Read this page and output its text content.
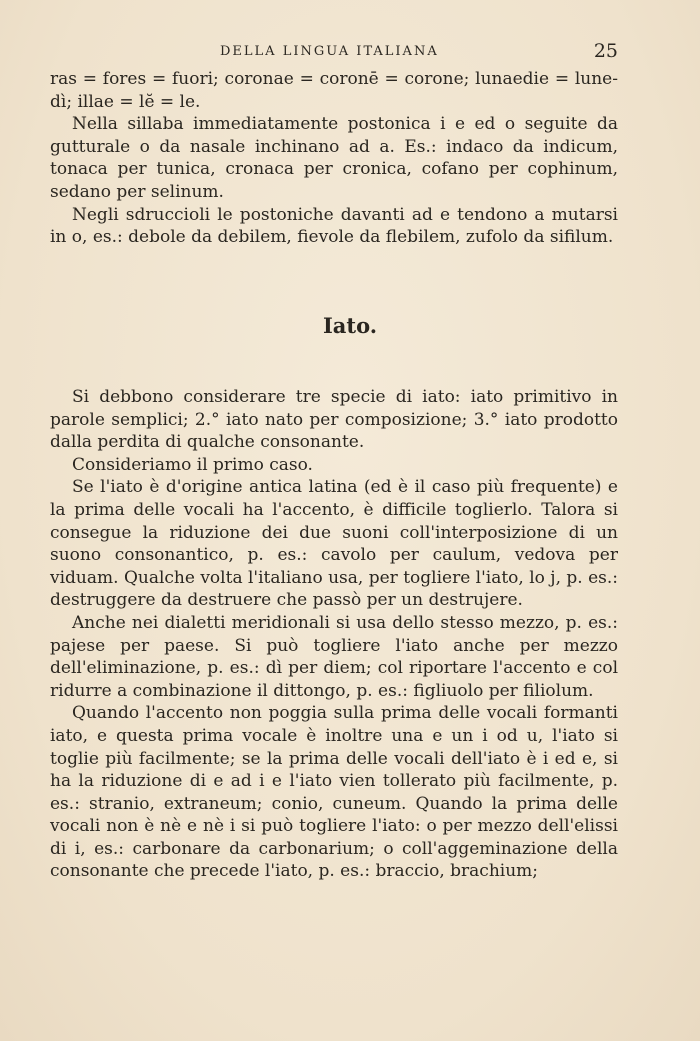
DELLA LINGUA ITALIANA	25

ras = fores = fuori; coronae = coronē = corone; lunaedie = lune-dì; illae = lĕ = le.

Nella sillaba immediatamente postonica i e ed o seguite da gutturale o da nasale inchinano ad a. Es.: indaco da indicum, tonaca per tunica, cronaca per cronica, cofano per cophinum, sedano per selinum.

Negli sdruccioli le postoniche davanti ad e tendono a mutarsi in o, es.: debole da debilem, fievole da flebilem, zufolo da sifilum.

Iato.

Si debbono considerare tre specie di iato: iato primitivo in parole semplici; 2.° iato nato per composizione; 3.° iato prodotto dalla perdita di qualche consonante.

Consideriamo il primo caso.

Se l'iato è d'origine antica latina (ed è il caso più frequente) e la prima delle vocali ha l'accento, è difficile toglierlo. Talora si consegue la riduzione dei due suoni coll'interposizione di un suono consonantico, p. es.: cavolo per caulum, vedova per viduam. Qualche volta l'italiano usa, per togliere l'iato, lo j, p. es.: destruggere da destruere che passò per un destrujere.

Anche nei dialetti meridionali si usa dello stesso mezzo, p. es.: pajese per paese. Si può togliere l'iato anche per mezzo dell'eliminazione, p. es.: dì per diem; col riportare l'accento e col ridurre a combinazione il dittongo, p. es.: figliuolo per filiolum.

Quando l'accento non poggia sulla prima delle vocali formanti iato, e questa prima vocale è inoltre una e un i od u, l'iato si toglie più facilmente; se la prima delle vocali dell'iato è i ed e, si ha la riduzione di e ad i e l'iato vien tollerato più facilmente, p. es.: stranio, extraneum; conio, cuneum. Quando la prima delle vocali non è nè e nè i si può togliere l'iato: o per mezzo dell'elissi di i, es.: carbonare da carbonarium; o coll'aggeminazione della consonante che precede l'iato, p. es.: braccio, brachium;
